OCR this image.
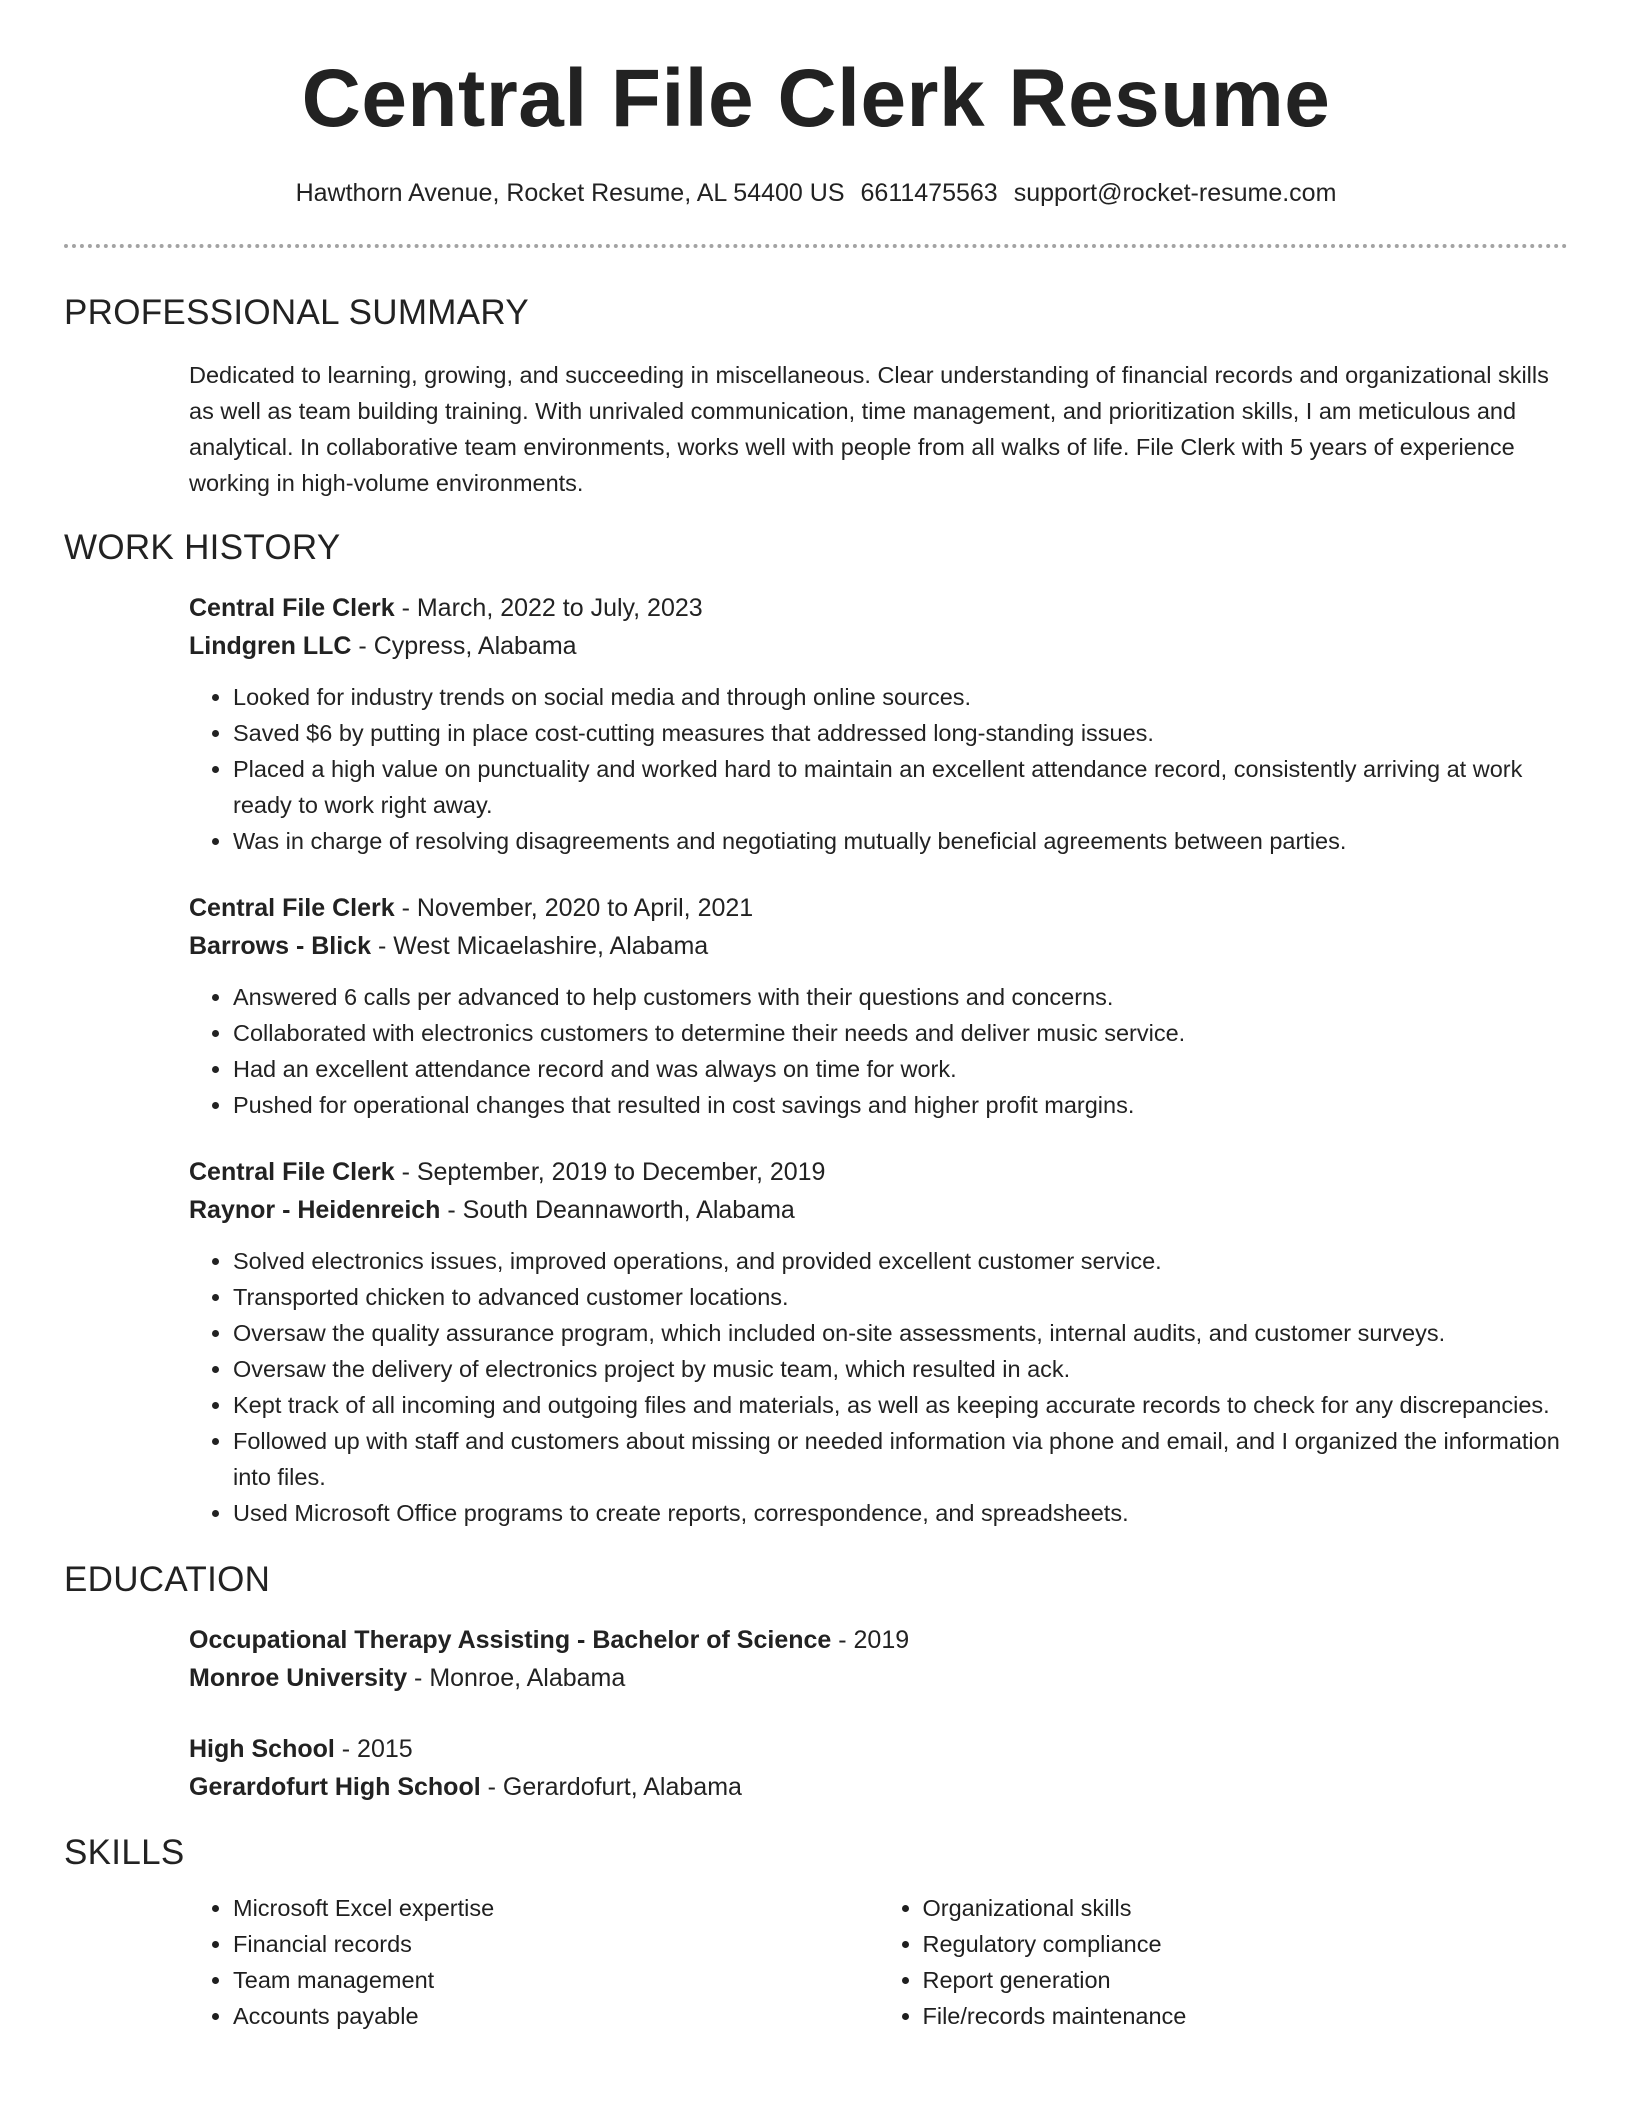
Central File Clerk Resume
Hawthorn Avenue, Rocket Resume, AL 54400 US 6611475563 support@rocket-resume.com
PROFESSIONAL SUMMARY

Dedicated to learning, growing, and succeeding in miscellaneous. Clear understanding of financial records and organizational skills as well as team building training. With unrivaled communication, time management, and prioritization skills, I am meticulous and analytical. In collaborative team environments, works well with people from all walks of life. File Clerk with 5 years of experience working in high-volume environments.

WORK HISTORY
Central File Clerk - March, 2022 to July, 2023
Lindgren LLC - Cypress, Alabama
• Looked for industry trends on social media and through online sources.
• Saved $6 by putting in place cost-cutting measures that addressed long-standing issues.
• Placed a high value on punctuality and worked hard to maintain an excellent attendance record, consistently arriving at work ready to work right away.
• Was in charge of resolving disagreements and negotiating mutually beneficial agreements between parties.
Central File Clerk - November, 2020 to April, 2021
Barrows - Blick - West Micaelashire, Alabama
• Answered 6 calls per advanced to help customers with their questions and concerns.
• Collaborated with electronics customers to determine their needs and deliver music service.
• Had an excellent attendance record and was always on time for work.
• Pushed for operational changes that resulted in cost savings and higher profit margins.
Central File Clerk - September, 2019 to December, 2019
Raynor - Heidenreich - South Deannaworth, Alabama
• Solved electronics issues, improved operations, and provided excellent customer service.
• Transported chicken to advanced customer locations.
• Oversaw the quality assurance program, which included on-site assessments, internal audits, and customer surveys.
• Oversaw the delivery of electronics project by music team, which resulted in ack.
• Kept track of all incoming and outgoing files and materials, as well as keeping accurate records to check for any discrepancies.
• Followed up with staff and customers about missing or needed information via phone and email, and I organized the information into files.
• Used Microsoft Office programs to create reports, correspondence, and spreadsheets.
EDUCATION
Occupational Therapy Assisting - Bachelor of Science - 2019
Monroe University - Monroe, Alabama
High School - 2015
Gerardofurt High School - Gerardofurt, Alabama
SKILLS
• Microsoft Excel expertise
• Financial records
• Team management
• Accounts payable
• Organizational skills
• Regulatory compliance
• Report generation
• File/records maintenance
